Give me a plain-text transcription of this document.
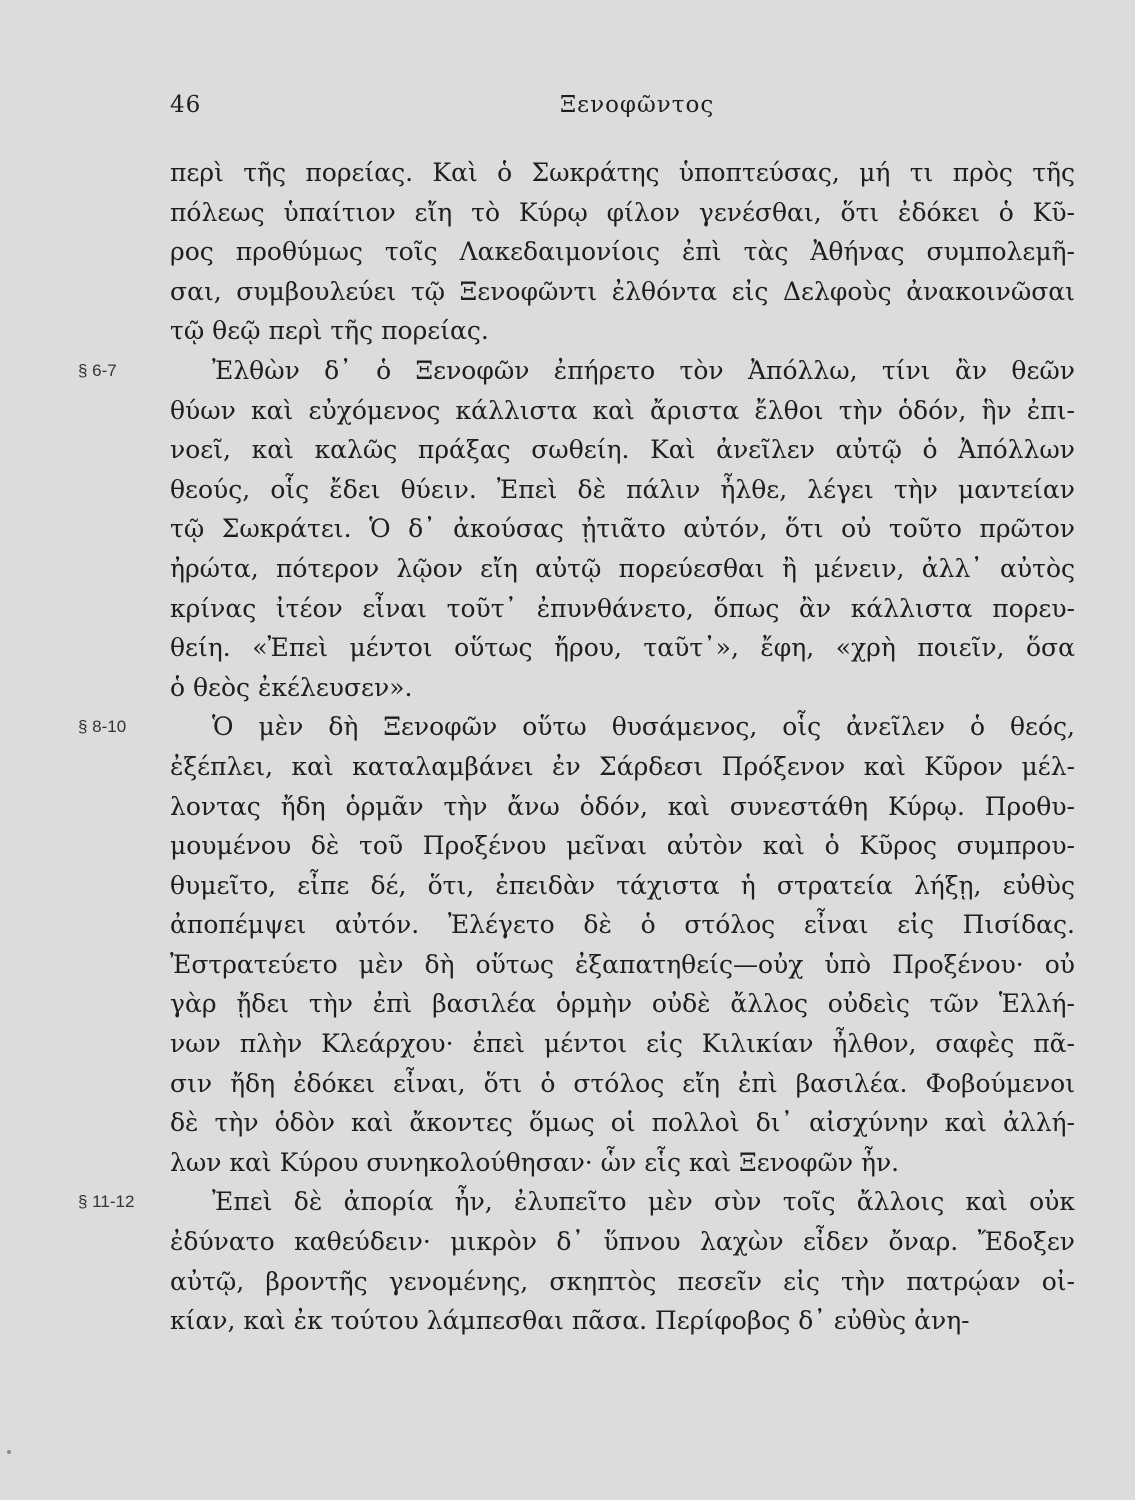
46	Ξενοφῶντος
περὶ τῆς πορείας. Καὶ ὁ Σωκράτης ὑποπτεύσας, μή τι πρὸς τῆς
πόλεως ὑπαίτιον εἴη τὸ Κύρῳ φίλον γενέσθαι, ὅτι ἐδόκει ὁ Κῦ-
ρος προθύμως τοῖς Λακεδαιμονίοις ἐπὶ τὰς Ἀθήνας συμπολεμῆ-
σαι, συμβουλεύει τῷ Ξενοφῶντι ἐλθόντα εἰς Δελφοὺς ἀνακοινῶσαι
τῷ θεῷ περὶ τῆς πορείας.
§ 6-7	Ἐλθὼν δ᾽ ὁ Ξενοφῶν ἐπήρετο τὸν Ἀπόλλω, τίνι ἂν θεῶν
θύων καὶ εὐχόμενος κάλλιστα καὶ ἄριστα ἔλθοι τὴν ὁδόν, ἣν ἐπι-
νοεῖ, καὶ καλῶς πράξας σωθείη. Καὶ ἀνεῖλεν αὐτῷ ὁ Ἀπόλλων
θεούς, οἷς ἔδει θύειν. Ἐπεὶ δὲ πάλιν ἦλθε, λέγει τὴν μαντείαν
τῷ Σωκράτει. Ὁ δ᾽ ἀκούσας ᾐτιᾶτο αὐτόν, ὅτι οὐ τοῦτο πρῶτον
ἠρώτα, πότερον λῷον εἴη αὐτῷ πορεύεσθαι ἢ μένειν, ἀλλ᾽ αὐτὸς
κρίνας ἰτέον εἶναι τοῦτ᾽ ἐπυνθάνετο, ὅπως ἂν κάλλιστα πορευ-
θείη. «Ἐπεὶ μέντοι οὕτως ἤρου, ταῦτ᾽», ἔφη, «χρὴ ποιεῖν, ὅσα
ὁ θεὸς ἐκέλευσεν».
§ 8-10	Ὁ μὲν δὴ Ξενοφῶν οὕτω θυσάμενος, οἷς ἀνεῖλεν ὁ θεός,
ἐξέπλει, καὶ καταλαμβάνει ἐν Σάρδεσι Πρόξενον καὶ Κῦρον μέλ-
λοντας ἤδη ὁρμᾶν τὴν ἄνω ὁδόν, καὶ συνεστάθη Κύρῳ. Προθυ-
μουμένου δὲ τοῦ Προξένου μεῖναι αὐτὸν καὶ ὁ Κῦρος συμπρου-
θυμεῖτο, εἶπε δέ, ὅτι, ἐπειδὰν τάχιστα ἡ στρατεία λήξῃ, εὐθὺς
ἀποπέμψει αὐτόν. Ἐλέγετο δὲ ὁ στόλος εἶναι εἰς Πισίδας.
Ἐστρατεύετο μὲν δὴ οὕτως ἐξαπατηθείς—οὐχ ὑπὸ Προξένου· οὐ
γὰρ ᾔδει τὴν ἐπὶ βασιλέα ὁρμὴν οὐδὲ ἄλλος οὐδεὶς τῶν Ἑλλή-
νων πλὴν Κλεάρχου· ἐπεὶ μέντοι εἰς Κιλικίαν ἦλθον, σαφὲς πᾶ-
σιν ἤδη ἐδόκει εἶναι, ὅτι ὁ στόλος εἴη ἐπὶ βασιλέα. Φοβούμενοι
δὲ τὴν ὁδὸν καὶ ἄκοντες ὅμως οἱ πολλοὶ δι᾽ αἰσχύνην καὶ ἀλλή-
λων καὶ Κύρου συνηκολούθησαν· ὧν εἷς καὶ Ξενοφῶν ἦν.
§ 11-12	Ἐπεὶ δὲ ἀπορία ἦν, ἐλυπεῖτο μὲν σὺν τοῖς ἄλλοις καὶ οὐκ
ἐδύνατο καθεύδειν· μικρὸν δ᾽ ὕπνου λαχὼν εἶδεν ὄναρ. Ἔδοξεν
αὐτῷ, βροντῆς γενομένης, σκηπτὸς πεσεῖν εἰς τὴν πατρῴαν οἰ-
κίαν, καὶ ἐκ τούτου λάμπεσθαι πᾶσα. Περίφοβος δ᾽ εὐθὺς ἀνη-
